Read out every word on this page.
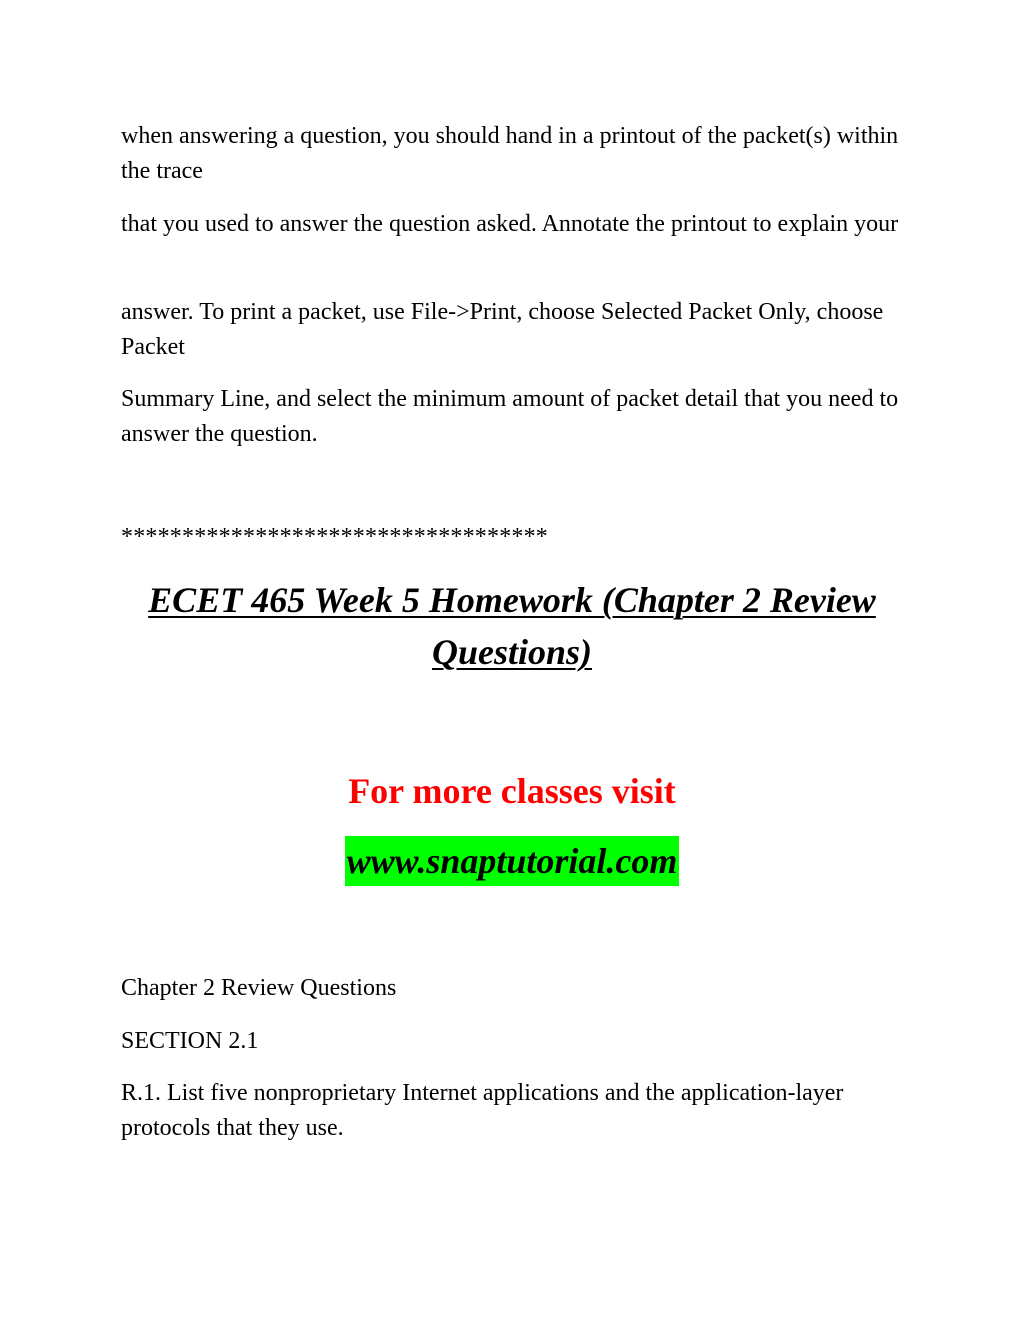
when answering a question, you should hand in a printout of the packet(s) within the trace

that you used to answer the question asked. Annotate the printout to explain your

answer. To print a packet, use File->Print, choose Selected Packet Only, choose Packet

Summary Line, and select the minimum amount of packet detail that you need to answer the question.

***********************************

ECET 465 Week 5 Homework (Chapter 2 Review Questions)

For more classes visit

www.snaptutorial.com

Chapter 2 Review Questions

SECTION 2.1

R.1. List five nonproprietary Internet applications and the application-layer protocols that they use.
